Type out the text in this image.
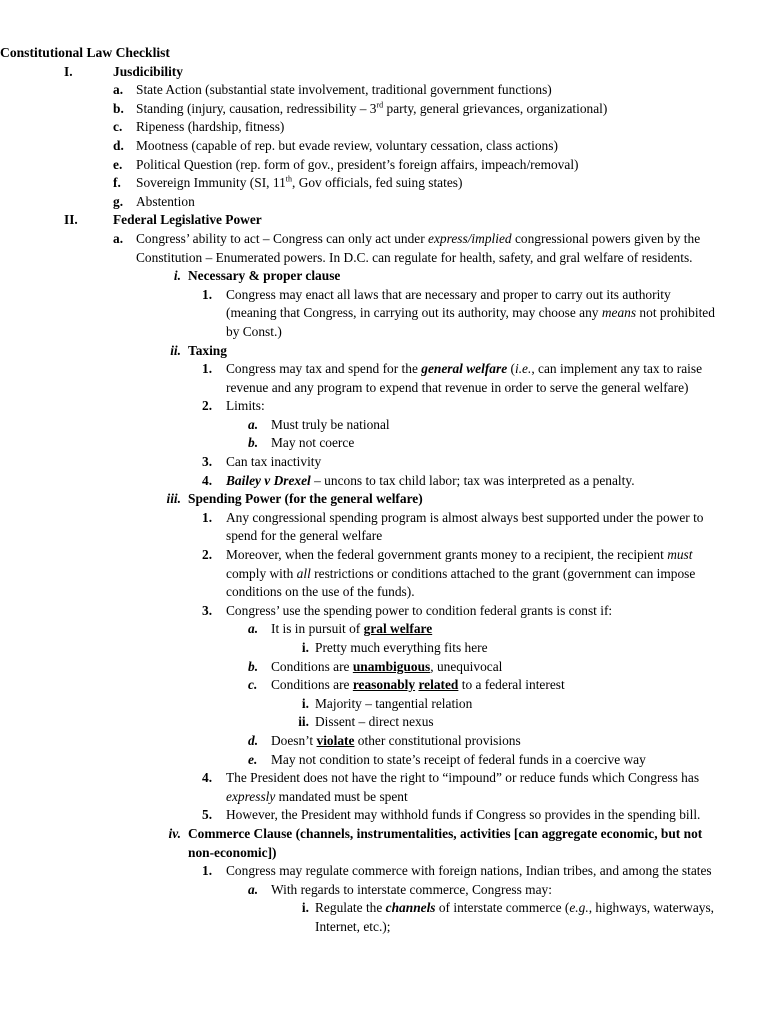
Constitutional Law Checklist
I.	Jusdicibility
a. State Action (substantial state involvement, traditional government functions)
b. Standing (injury, causation, redressibility – 3rd party, general grievances, organizational)
c.	Ripeness (hardship, fitness)
d. Mootness (capable of rep. but evade review, voluntary cessation, class actions)
e.	Political Question (rep. form of gov., president’s foreign affairs, impeach/removal)
f.	Sovereign Immunity (SI, 11th, Gov officials, fed suing states)
g. Abstention
II.	Federal Legislative Power
a. Congress’ ability to act – Congress can only act under express/implied congressional powers given by the Constitution – Enumerated powers. In D.C. can regulate for health, safety, and gral welfare of residents.
i. Necessary & proper clause
1.	Congress may enact all laws that are necessary and proper to carry out its authority (meaning that Congress, in carrying out its authority, may choose any means not prohibited by Const.)
ii. Taxing
1.	Congress may tax and spend for the general welfare (i.e., can implement any tax to raise revenue and any program to expend that revenue in order to serve the general welfare)
2.	Limits:
a. Must truly be national
b. May not coerce
3.	Can tax inactivity
4.	Bailey v Drexel – uncons to tax child labor; tax was interpreted as a penalty.
iii. Spending Power (for the general welfare)
1.	Any congressional spending program is almost always best supported under the power to spend for the general welfare
2.	Moreover, when the federal government grants money to a recipient, the recipient must comply with all restrictions or conditions attached to the grant (government can impose conditions on the use of the funds).
3.	Congress’ use the spending power to condition federal grants is const if:
a. It is in pursuit of gral welfare
i. Pretty much everything fits here
b. Conditions are unambiguous, unequivocal
c.	Conditions are reasonably related to a federal interest
i. Majority – tangential relation
ii. Dissent – direct nexus
d. Doesn’t violate other constitutional provisions
e.	May not condition to state’s receipt of federal funds in a coercive way
4.	The President does not have the right to “impound” or reduce funds which Congress has expressly mandated must be spent
5.	However, the President may withhold funds if Congress so provides in the spending bill.
iv. Commerce Clause (channels, instrumentalities, activities [can aggregate economic, but not non-economic])
1.	Congress may regulate commerce with foreign nations, Indian tribes, and among the states
a. With regards to interstate commerce, Congress may:
i. Regulate the channels of interstate commerce (e.g., highways, waterways, Internet, etc.);
